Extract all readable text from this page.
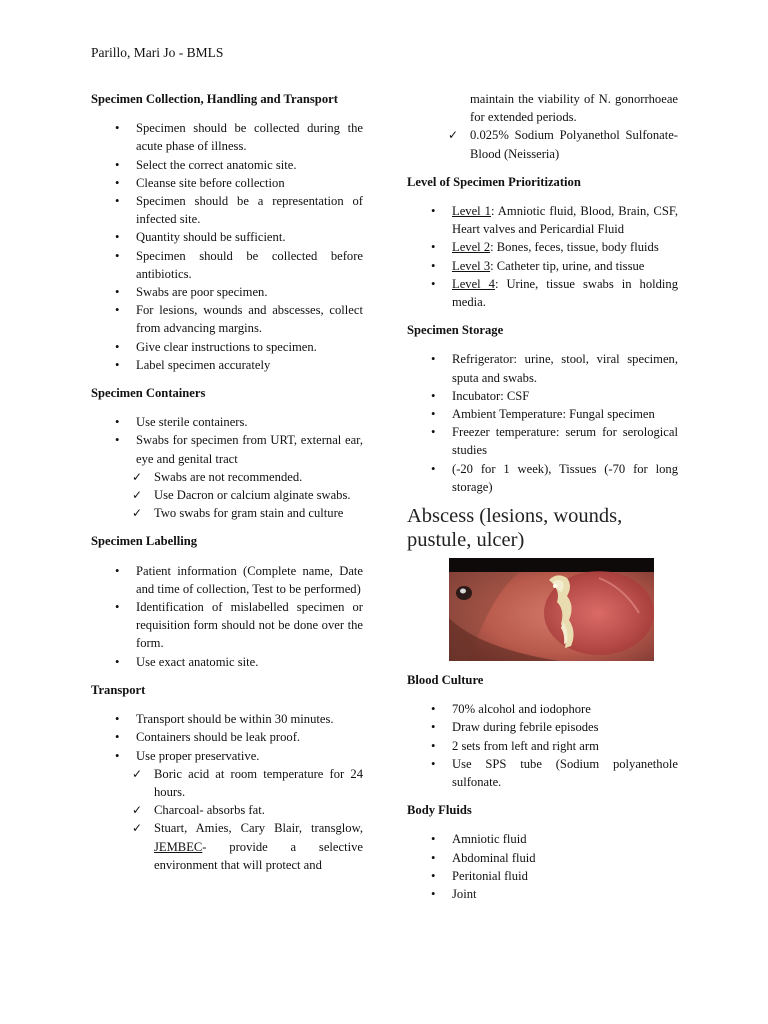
Parillo, Mari Jo - BMLS
Specimen Collection, Handling and Transport
• Specimen should be collected during the acute phase of illness.
• Select the correct anatomic site.
• Cleanse site before collection
• Specimen should be a representation of infected site.
• Quantity should be sufficient.
• Specimen should be collected before antibiotics.
• Swabs are poor specimen.
• For lesions, wounds and abscesses, collect from advancing margins.
• Give clear instructions to specimen.
• Label specimen accurately
Specimen Containers
• Use sterile containers.
• Swabs for specimen from URT, external ear, eye and genital tract
✓ Swabs are not recommended.
✓ Use Dacron or calcium alginate swabs.
✓ Two swabs for gram stain and culture
Specimen Labelling
• Patient information (Complete name, Date and time of collection, Test to be performed)
• Identification of mislabelled specimen or requisition form should not be done over the form.
• Use exact anatomic site.
Transport
• Transport should be within 30 minutes.
• Containers should be leak proof.
• Use proper preservative.
✓ Boric acid at room temperature for 24 hours.
✓ Charcoal- absorbs fat.
✓ Stuart, Amies, Cary Blair, transglow, JEMBEC- provide a selective environment that will protect and
maintain the viability of N. gonorrhoeae for extended periods.
✓ 0.025% Sodium Polyanethol Sulfonate-Blood (Neisseria)
Level of Specimen Prioritization
• Level 1: Amniotic fluid, Blood, Brain, CSF, Heart valves and Pericardial Fluid
• Level 2: Bones, feces, tissue, body fluids
• Level 3: Catheter tip, urine, and tissue
• Level 4: Urine, tissue swabs in holding media.
Specimen Storage
• Refrigerator: urine, stool, viral specimen, sputa and swabs.
• Incubator: CSF
• Ambient Temperature: Fungal specimen
• Freezer temperature: serum for serological studies
• (-20 for 1 week), Tissues (-70 for long storage)
Abscess (lesions, wounds, pustule, ulcer)
Blood Culture
• 70% alcohol and iodophore
• Draw during febrile episodes
• 2 sets from left and right arm
• Use SPS tube (Sodium polyanethole sulfonate.
Body Fluids
• Amniotic fluid
• Abdominal fluid
• Peritonial fluid
• Joint
